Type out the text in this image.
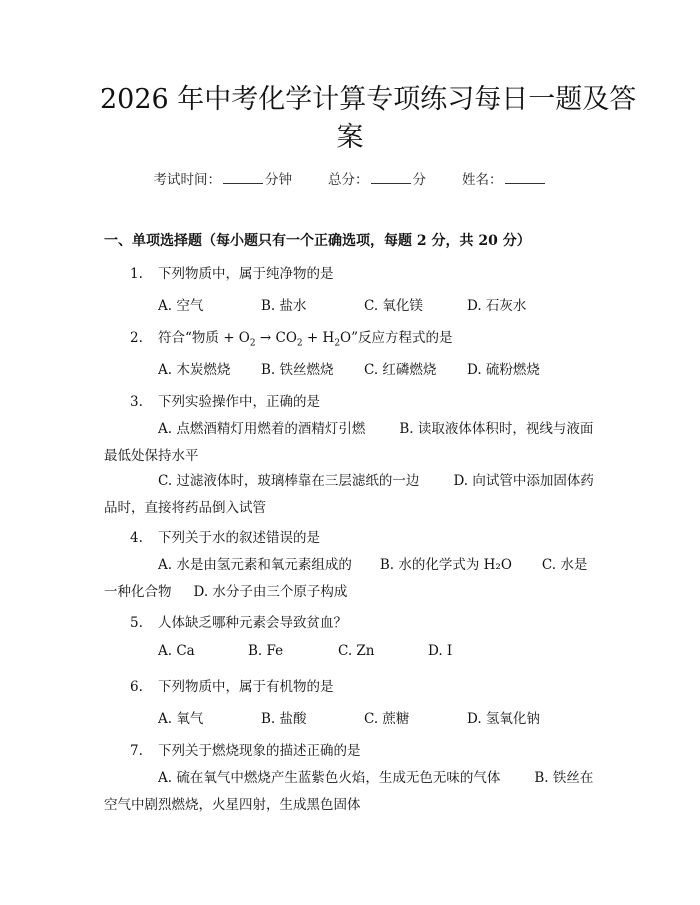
2026 年中考化学计算专项练习每日一题及答
案
考试时间：	分钟	总分：	分	姓名：
一、单项选择题（每小题只有一个正确选项，每题 2 分，共 20 分）
1. 下列物质中，属于纯净物的是
A. 空气	B. 盐水	C. 氧化镁	D. 石灰水
2. 符合“物质 + $O_2 \to CO_2 + H_2O$”反应方程式的是
A. 木炭燃烧 B. 铁丝燃烧 C. 红磷燃烧 D. 硫粉燃烧
3. 下列实验操作中，正确的是
A. 点燃酒精灯用燃着的酒精灯引燃	B. 读取液体体积时，视线与液面最低处保持水平
C. 过滤液体时，玻璃棒靠在三层滤纸的一边	D. 向试管中添加固体药品时，直接将药品倒入试管
4. 下列关于水的叙述错误的是
A. 水是由氢元素和氧元素组成的 B. 水的化学式为 H₂O C. 水是一种化合物 D. 水分子由三个原子构成
5. 人体缺乏哪种元素会导致贫血？
A. Ca	B. Fe	C. Zn	D. I
6. 下列物质中，属于有机物的是
A. 氧气	B. 盐酸	C. 蔗糖	D. 氢氧化钠
7. 下列关于燃烧现象的描述正确的是
A. 硫在氧气中燃烧产生蓝紫色火焰，生成无色无味的气体	B. 铁丝在空气中剧烈燃烧，火星四射，生成黑色固体
